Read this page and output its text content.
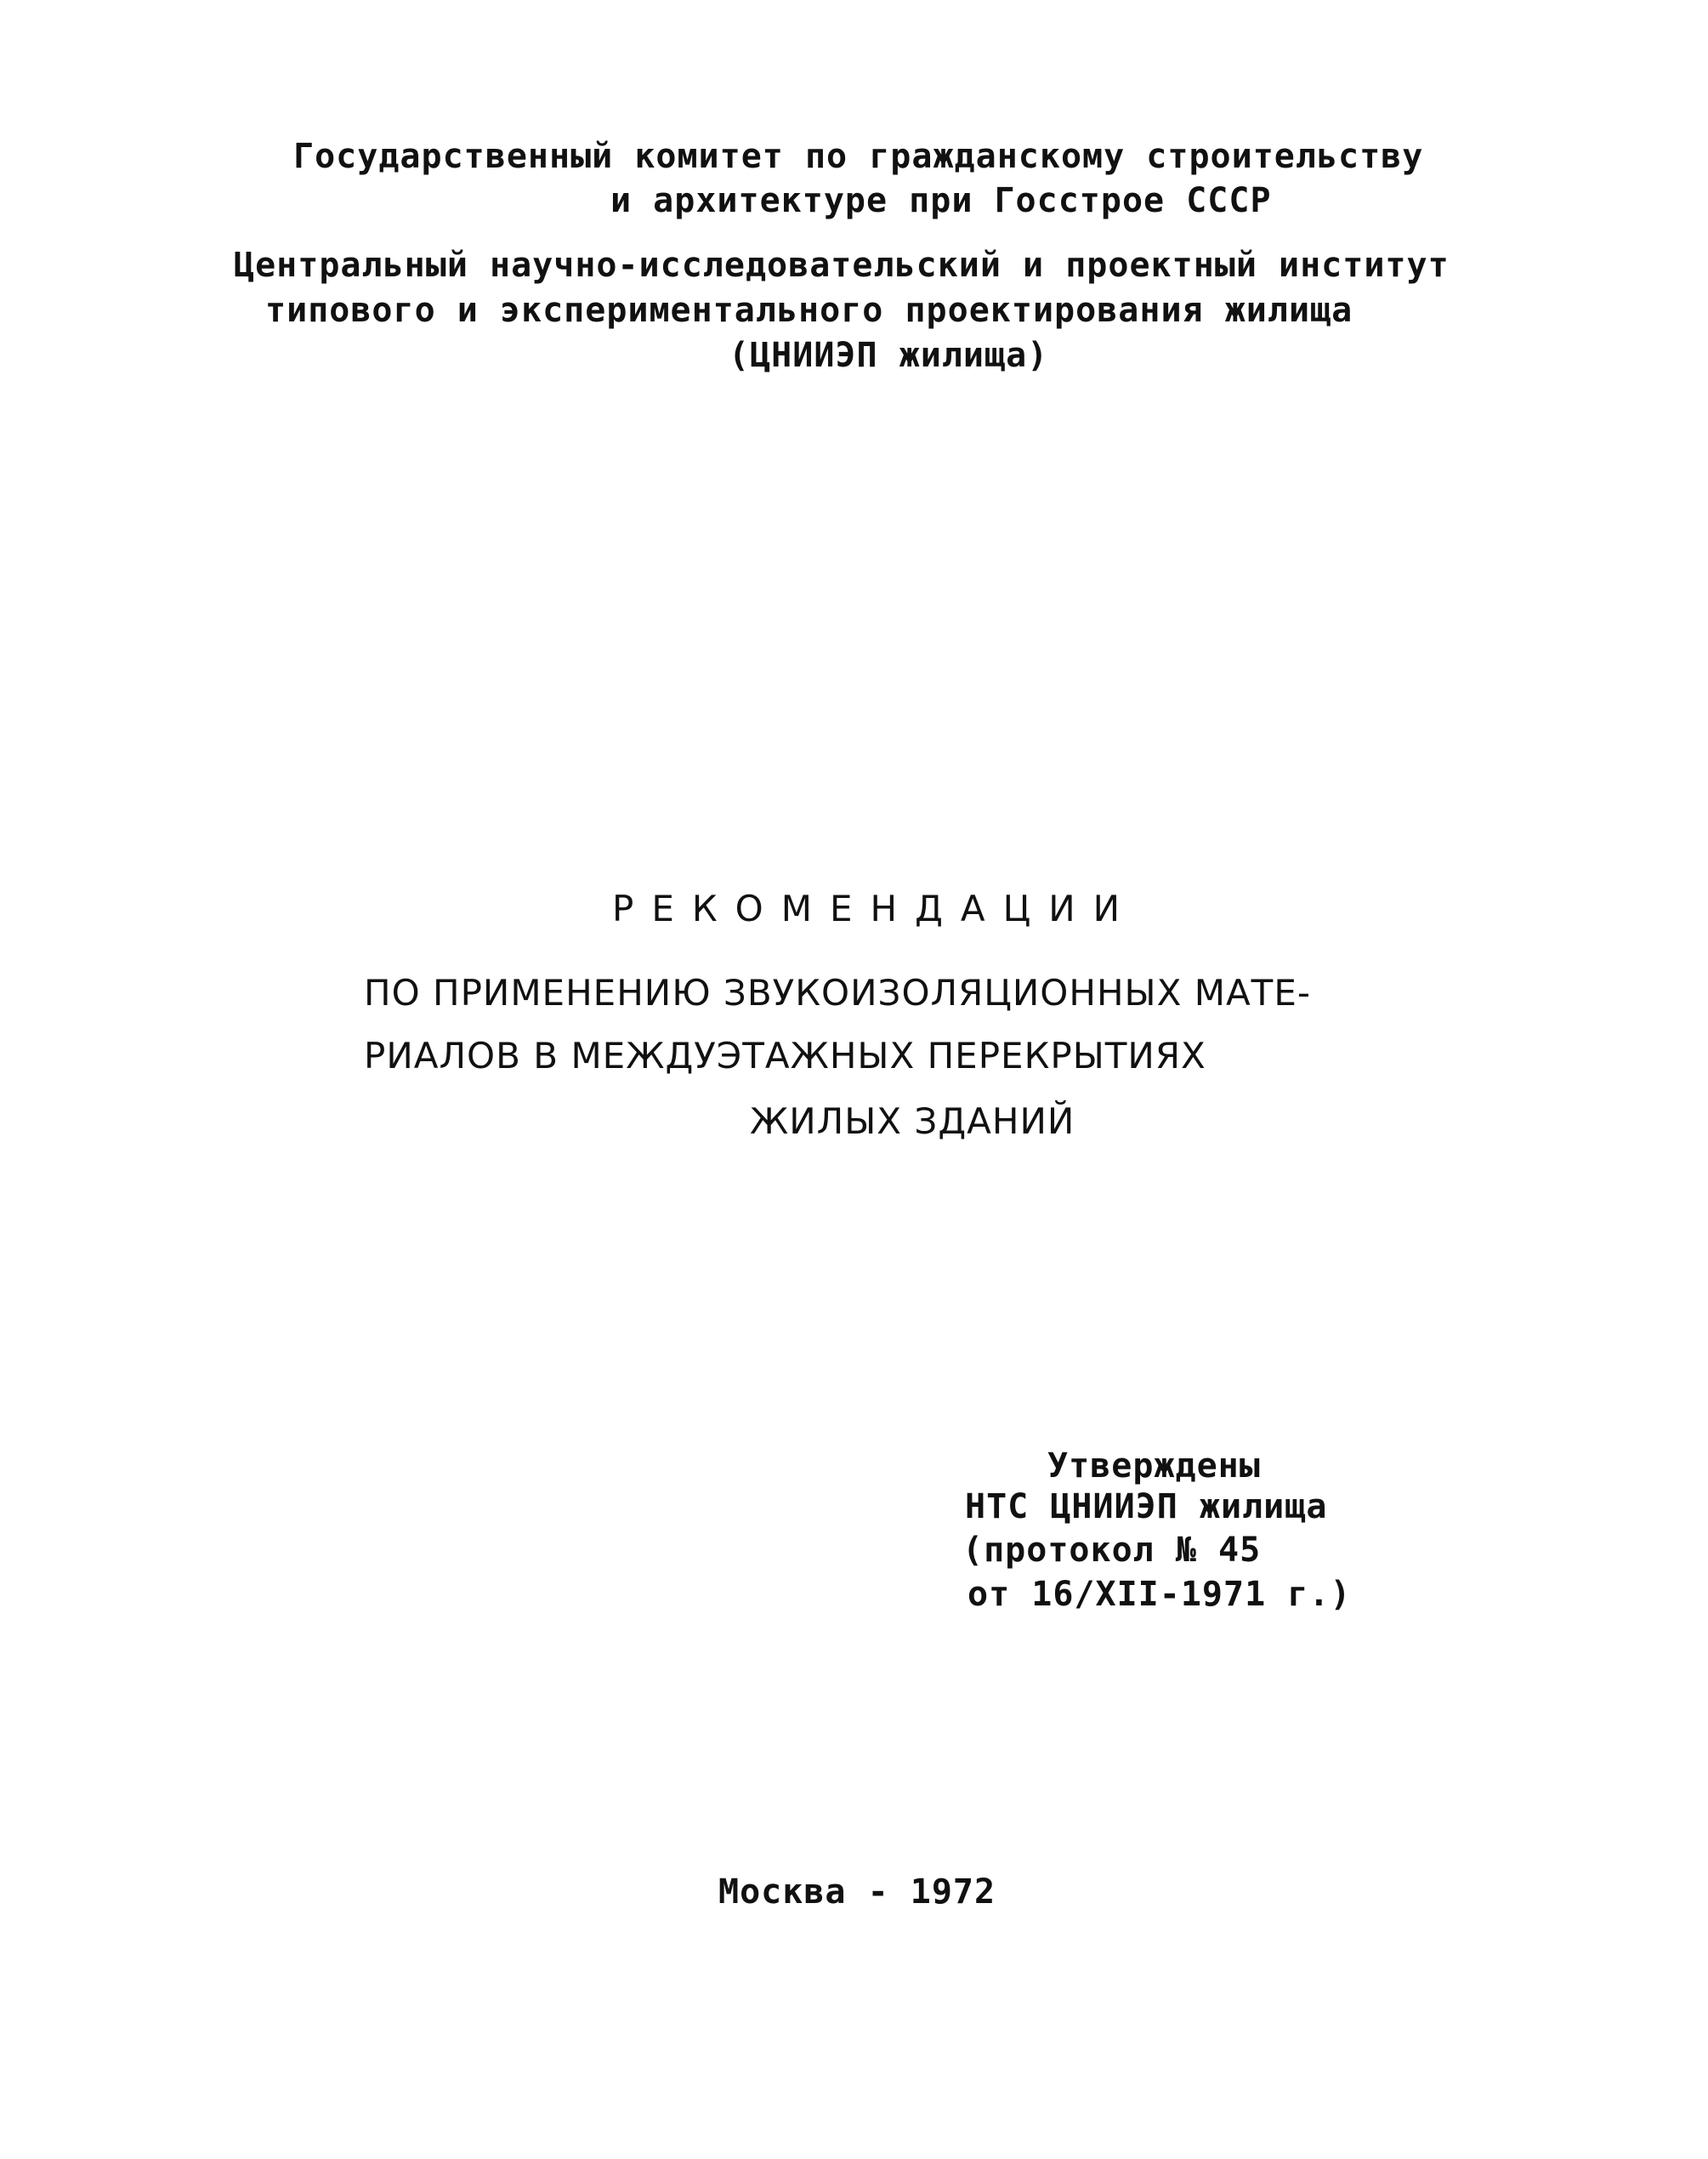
Государственный комитет по гражданскому строительству
и архитектуре при Госстрое СССР
Центральный научно-исследовательский и проектный институт
типового и экспериментального проектирования жилища
(ЦНИИЭП жилища)
РЕКОМЕНДАЦИИ
ПО ПРИМЕНЕНИЮ ЗВУКОИЗОЛЯЦИОННЫХ МАТЕ-
РИАЛОВ В МЕЖДУЭТАЖНЫХ ПЕРЕКРЫТИЯХ
ЖИЛЫХ ЗДАНИЙ
Утверждены
НТС ЦНИИЭП жилища
(протокол № 45
от 16/XII-1971 г.)
Москва - 1972
